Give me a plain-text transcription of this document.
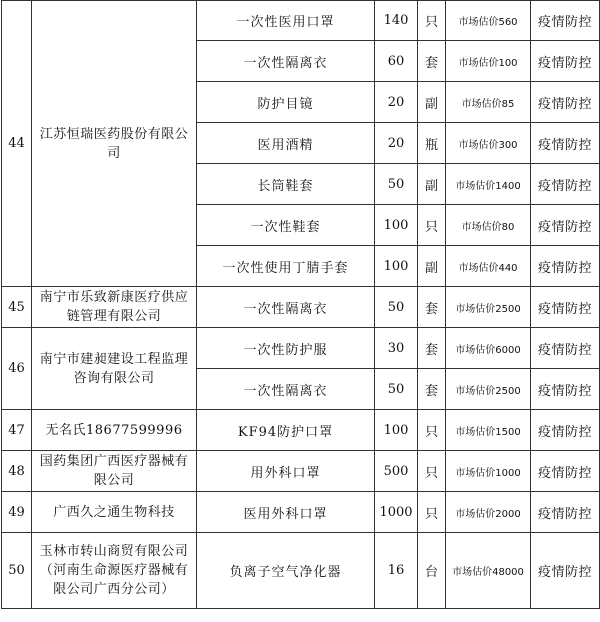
44	江苏恒瑞医药股份有限公司	一次性医用口罩	140	只	市场估价560	疫情防控
		一次性隔离衣	60	套	市场估价100	疫情防控
		防护目镜	20	副	市场估价85	疫情防控
		医用酒精	20	瓶	市场估价300	疫情防控
		长筒鞋套	50	副	市场估价1400	疫情防控
		一次性鞋套	100	只	市场估价80	疫情防控
		一次性使用丁腈手套	100	副	市场估价440	疫情防控
45	南宁市乐致新康医疗供应链管理有限公司	一次性隔离衣	50	套	市场估价2500	疫情防控
46	南宁市建昶建设工程监理咨询有限公司	一次性防护服	30	套	市场估价6000	疫情防控
		一次性隔离衣	50	套	市场估价2500	疫情防控
47	无名氏18677599996	KF94防护口罩	100	只	市场估价1500	疫情防控
48	国药集团广西医疗器械有限公司	用外科口罩	500	只	市场估价1000	疫情防控
49	广西久之通生物科技	医用外科口罩	1000	只	市场估价2000	疫情防控
50	玉林市转山商贸有限公司（河南生命源医疗器械有限公司广西分公司）	负离子空气净化器	16	台	市场估价48000	疫情防控
